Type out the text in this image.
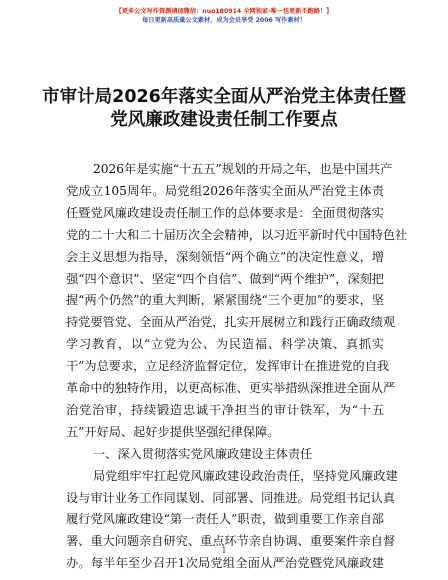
【更多公文写作资源请加微信：nuo180914 全网独家·唯一包更新不跑路！】
每日更新高质量公文素材，成为会员享受 2006 写作素材！
市审计局2026年落实全面从严治党主体责任暨
党风廉政建设责任制工作要点
2026年是实施“十五五”规划的开局之年，也是中国共产
党成立105周年。局党组2026年落实全面从严治党主体责
任暨党风廉政建设责任制工作的总体要求是：全面贯彻落实
党的二十大和二十届历次全会精神，以习近平新时代中国特色社
会主义思想为指导，深刻领悟“两个确立”的决定性意义，增
强“四个意识”、坚定“四个自信”、做到“两个维护”，深刻把
握“两个仍然”的重大判断，紧紧围绕“三个更加”的要求，坚
持党要管党、全面从严治党，扎实开展树立和践行正确政绩观
学习教育，以“立党为公、为民造福、科学决策、真抓实
干”为总要求，立足经济监督定位，发挥审计在推进党的自我
革命中的独特作用，以更高标准、更实举措纵深推进全面从严
治党治审，持续锻造忠诚干净担当的审计铁军，为“十五
五”开好局、起好步提供坚强纪律保障。
一、深入贯彻落实党风廉政建设主体责任
局党组牢牢扛起党风廉政建设政治责任，坚持党风廉政建
设与审计业务工作同谋划、同部署、同推进。局党组书记认真
履行党风廉政建设“第一责任人”职责，做到重要工作亲自部
署、重大问题亲自研究、重点环节亲自协调、重要案件亲自督
办。每半年至少召开1次局党组全面从严治党暨党风廉政建
1
